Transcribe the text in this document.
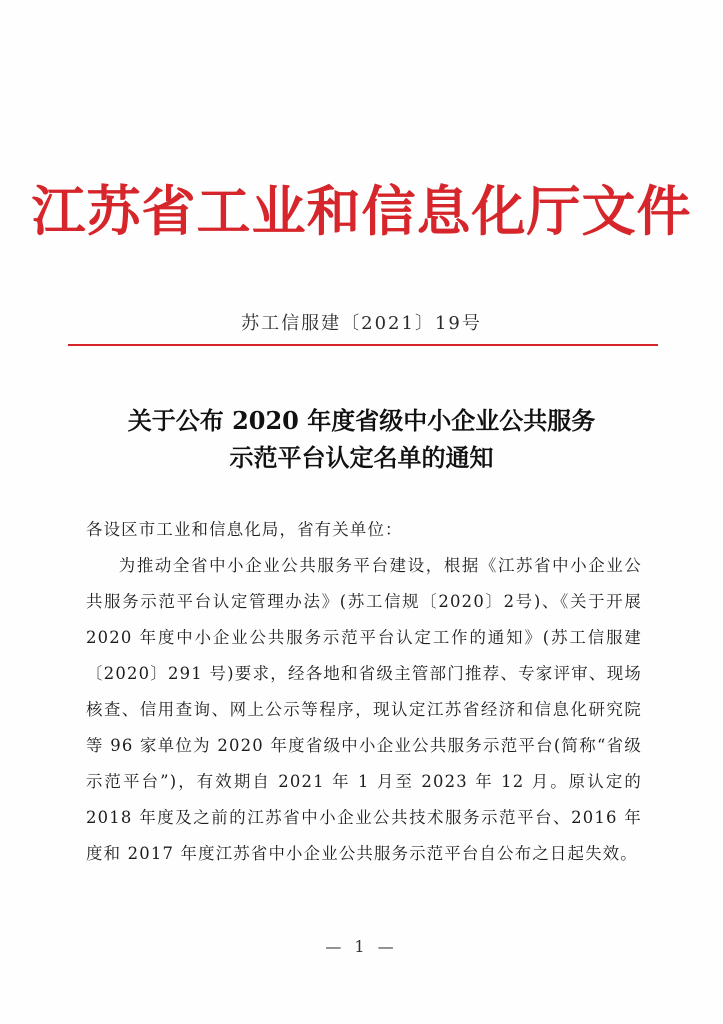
江苏省工业和信息化厅文件
苏工信服建〔2021〕19号
关于公布 2020 年度省级中小企业公共服务
示范平台认定名单的通知

各设区市工业和信息化局，省有关单位：

为推动全省中小企业公共服务平台建设，根据《江苏省中小企业公共服务示范平台认定管理办法》(苏工信规〔2020〕2号)、《关于开展 2020 年度中小企业公共服务示范平台认定工作的通知》(苏工信服建〔2020〕291 号)要求，经各地和省级主管部门推荐、专家评审、现场核查、信用查询、网上公示等程序，现认定江苏省经济和信息化研究院等 96 家单位为 2020 年度省级中小企业公共服务示范平台(简称“省级示范平台”)，有效期自 2021 年 1 月至 2023 年 12 月。原认定的 2018 年度及之前的江苏省中小企业公共技术服务示范平台、2016 年度和 2017 年度江苏省中小企业公共服务示范平台自公布之日起失效。

— 1 —
